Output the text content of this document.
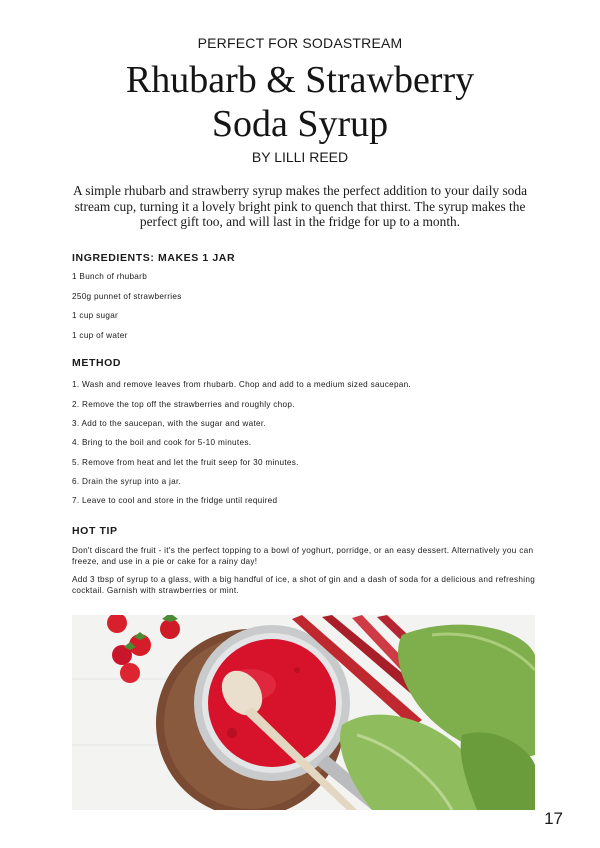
PERFECT FOR SODASTREAM
Rhubarb & Strawberry
Soda Syrup
BY LILLI REED
A simple rhubarb and strawberry syrup makes the perfect addition to your daily soda stream cup, turning it a lovely bright pink to quench that thirst. The syrup makes the perfect gift too, and will last in the fridge for up to a month.
INGREDIENTS: MAKES 1 JAR
1 Bunch of rhubarb
250g punnet of strawberries
1 cup sugar
1 cup of water
METHOD
1. Wash and remove leaves from rhubarb. Chop and add to a medium sized saucepan.
2. Remove the top off the strawberries and roughly chop.
3. Add to the saucepan, with the sugar and water.
4. Bring to the boil and cook for 5-10 minutes.
5. Remove from heat and let the fruit seep for 30 minutes.
6. Drain the syrup into a jar.
7. Leave to cool and store in the fridge until required
HOT TIP
Don't discard the fruit - it's the perfect topping to a bowl of yoghurt, porridge, or an easy dessert. Alternatively you can freeze, and use in a pie or cake for a rainy day!
Add 3 tbsp of syrup to a glass, with a big handful of ice, a shot of gin and a dash of soda for a delicious and refreshing cocktail. Garnish with strawberries or mint.
17
